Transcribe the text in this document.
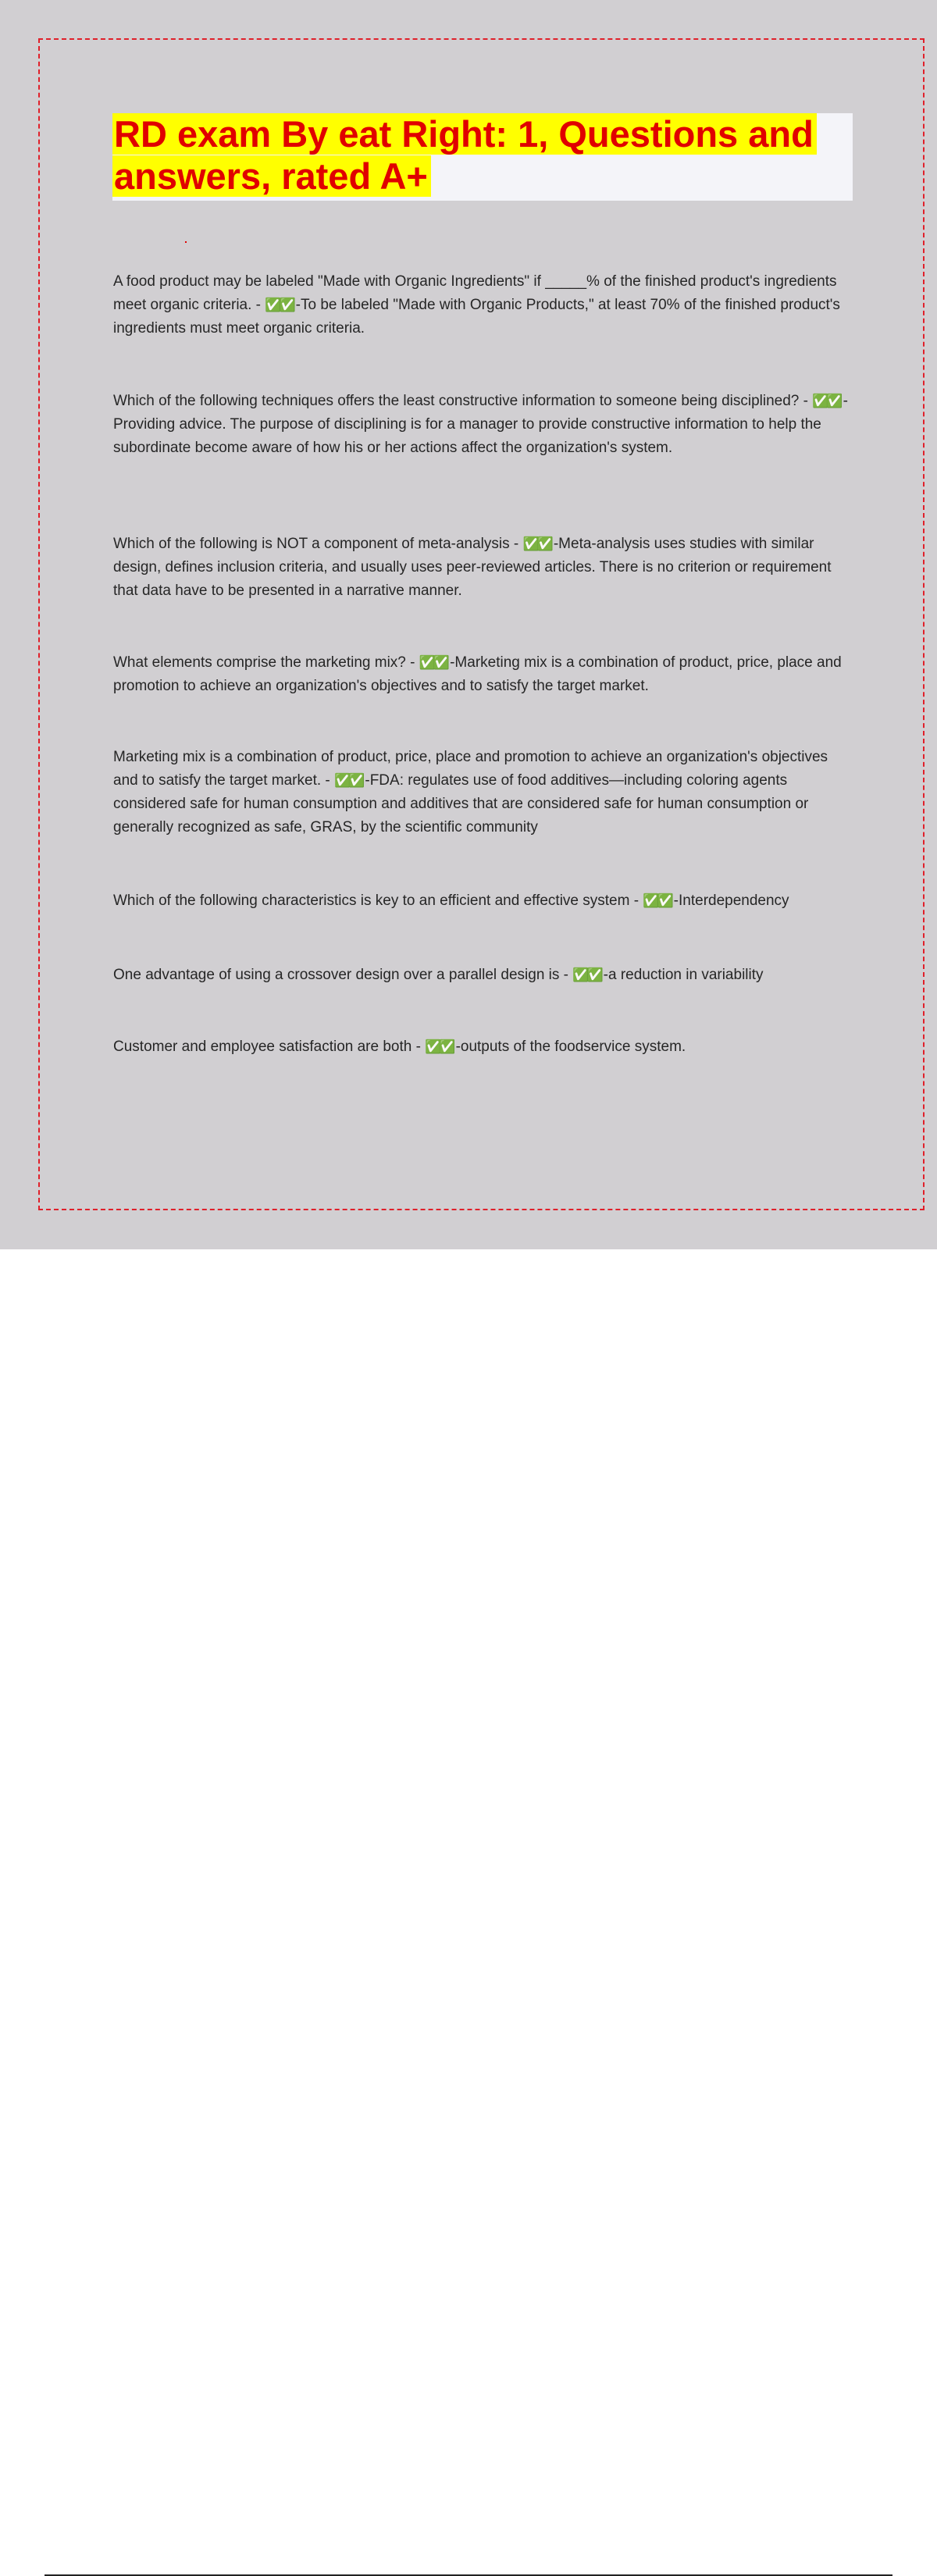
RD exam By eat Right: 1, Questions and answers, rated A+

A food product may be labeled "Made with Organic Ingredients" if _____% of the finished product's ingredients meet organic criteria. - ✅✅ -To be labeled "Made with Organic Products," at least 70% of the finished product's ingredients must meet organic criteria.

Which of the following techniques offers the least constructive information to someone being disciplined? - ✅✅ -Providing advice. The purpose of disciplining is for a manager to provide constructive information to help the subordinate become aware of how his or her actions affect the organization's system.

Which of the following is NOT a component of meta-analysis - ✅✅ -Meta-analysis uses studies with similar design, defines inclusion criteria, and usually uses peer-reviewed articles. There is no criterion or requirement that data have to be presented in a narrative manner.

What elements comprise the marketing mix? - ✅✅ -Marketing mix is a combination of product, price, place and promotion to achieve an organization's objectives and to satisfy the target market.

Marketing mix is a combination of product, price, place and promotion to achieve an organization's objectives and to satisfy the target market. - ✅✅ -FDA: regulates use of food additives—including coloring agents considered safe for human consumption and additives that are considered safe for human consumption or generally recognized as safe, GRAS, by the scientific community

Which of the following characteristics is key to an efficient and effective system - ✅✅ -Interdependency

One advantage of using a crossover design over a parallel design is - ✅✅ -a reduction in variability

Customer and employee satisfaction are both - ✅✅ -outputs of the foodservice system.
